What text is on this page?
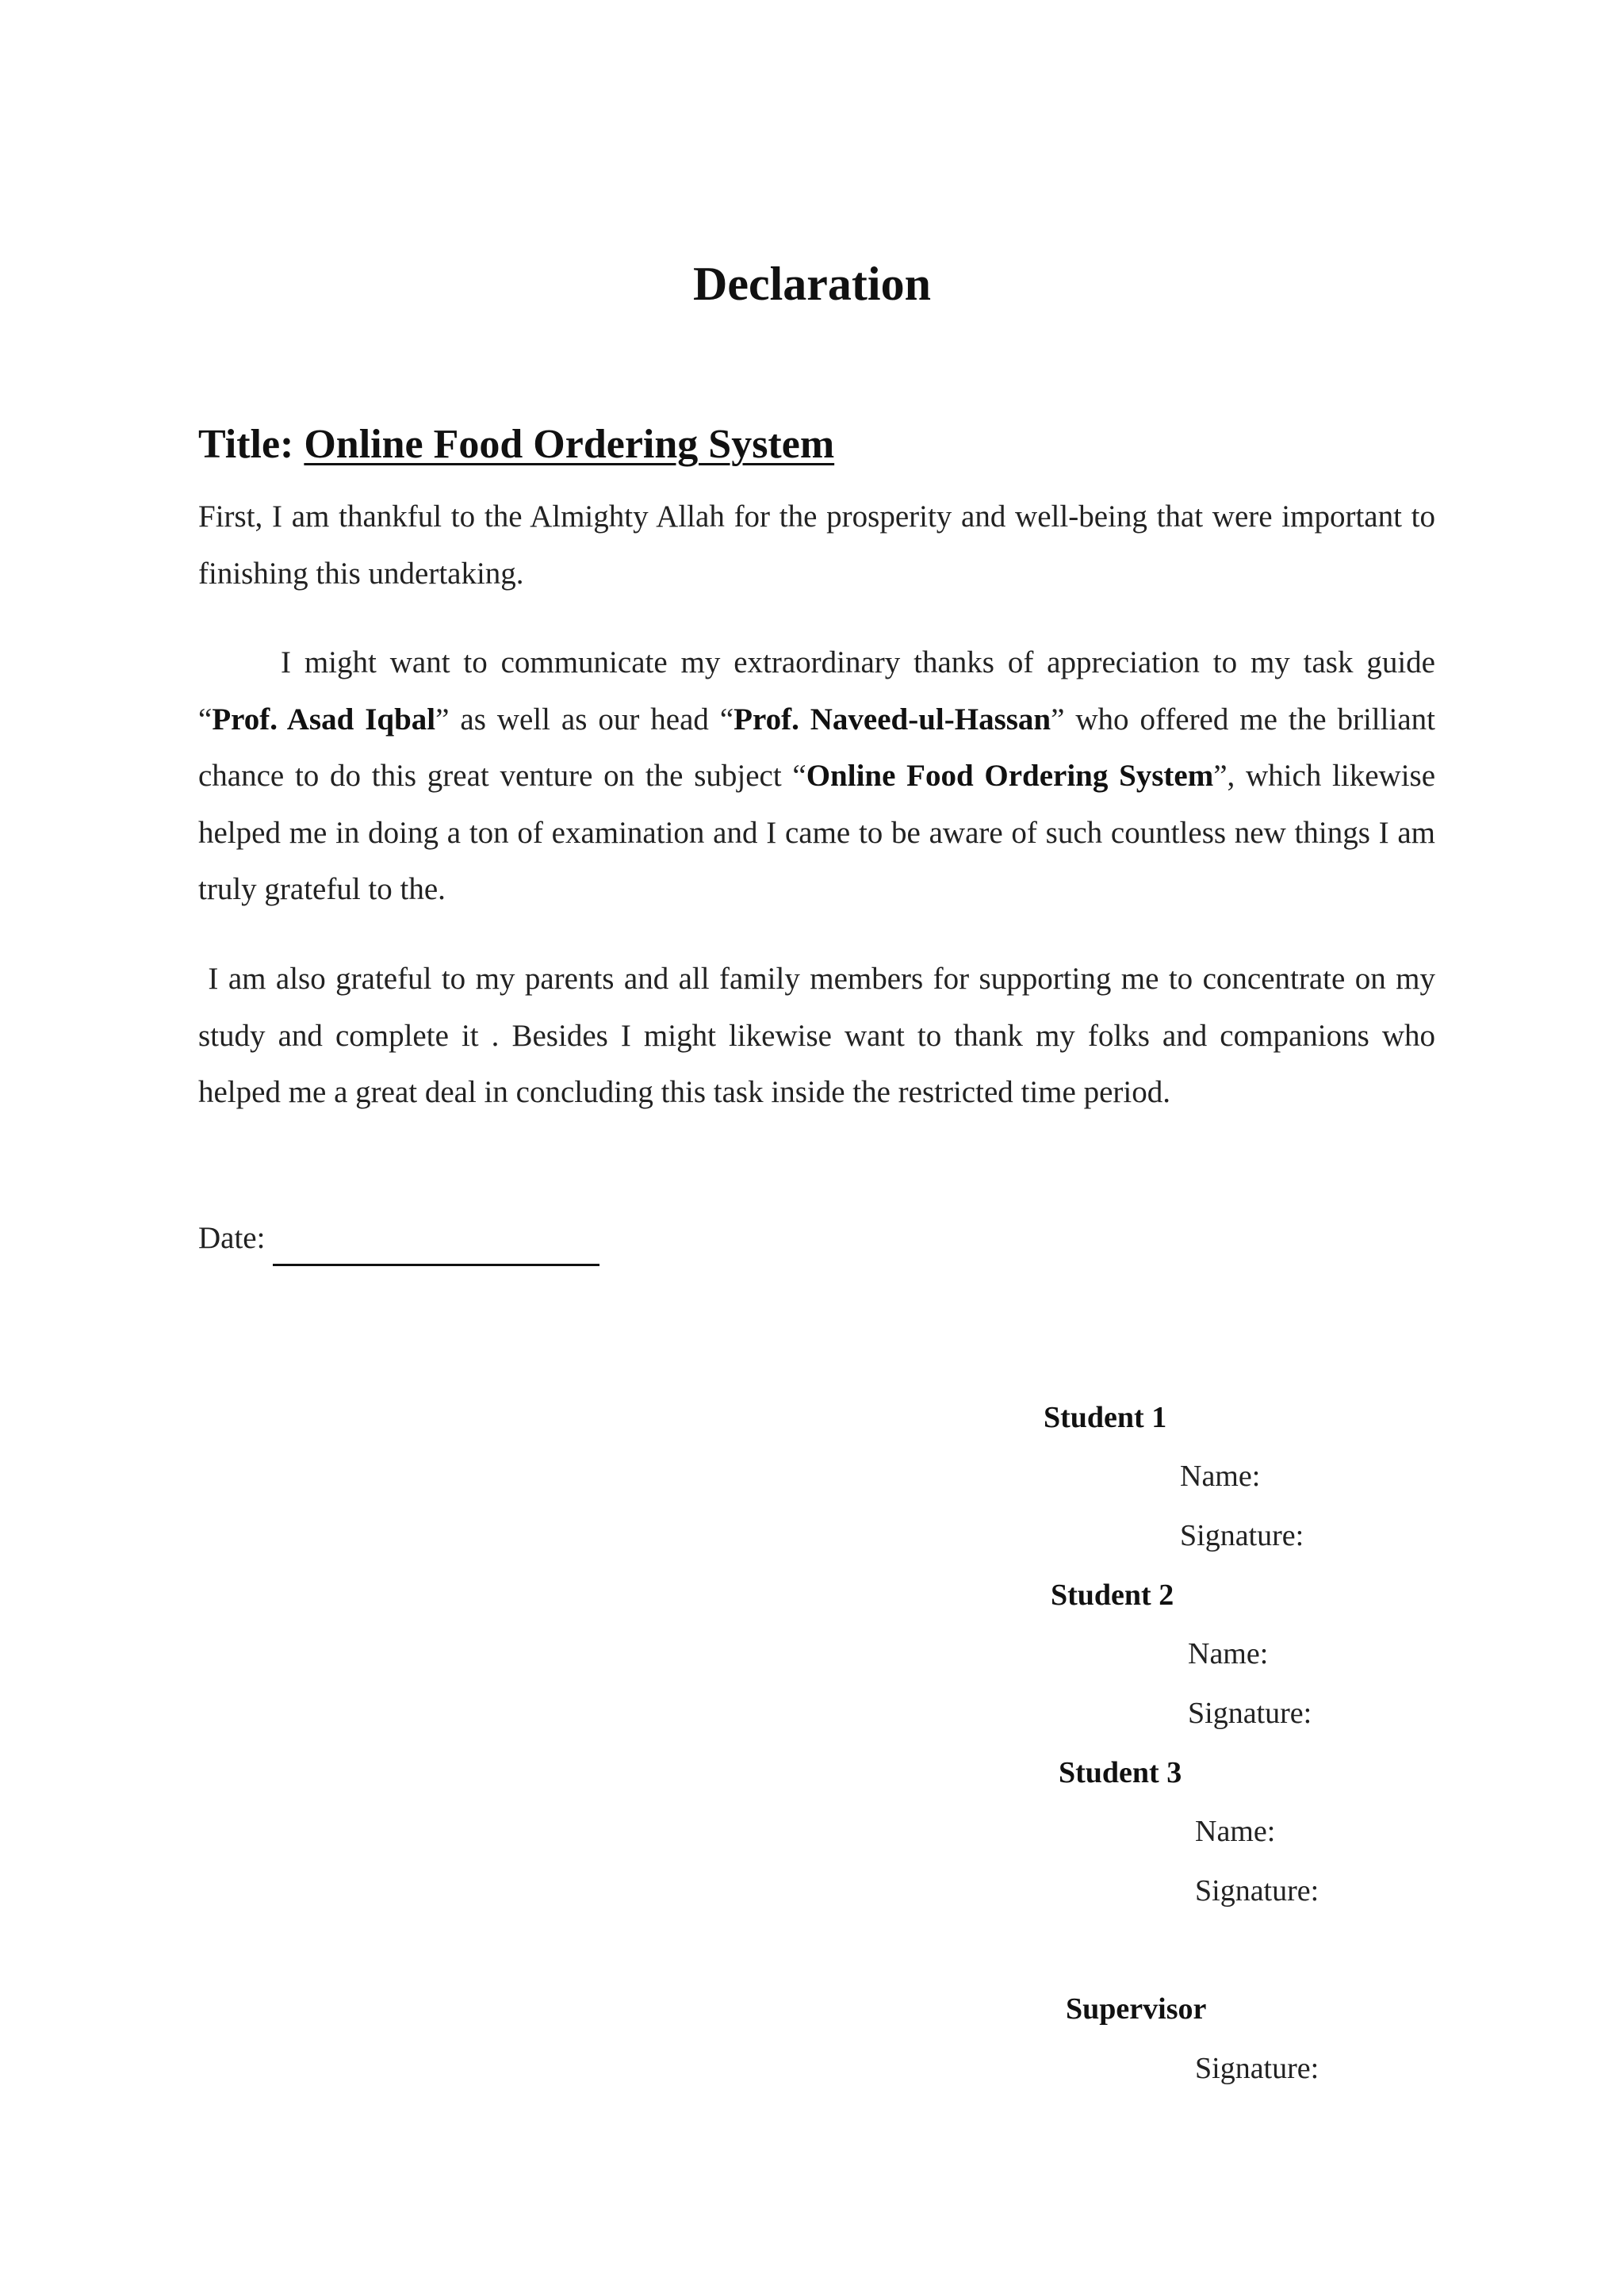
Declaration
Title: Online Food Ordering System
First, I am thankful to the Almighty Allah for the prosperity and well-being that were important to finishing this undertaking.
I might want to communicate my extraordinary thanks of appreciation to my task guide “Prof. Asad Iqbal” as well as our head “Prof. Naveed-ul-Hassan” who offered me the brilliant chance to do this great venture on the subject “Online Food Ordering System”, which likewise helped me in doing a ton of examination and I came to be aware of such countless new things I am truly grateful to the.
I am also grateful to my parents and all family members for supporting me to concentrate on my study and complete it . Besides I might likewise want to thank my folks and companions who helped me a great deal in concluding this task inside the restricted time period.
Date:
Student 1
Name:
Signature:
Student 2
Name:
Signature:
Student 3
Name:
Signature:
Supervisor
Signature:
